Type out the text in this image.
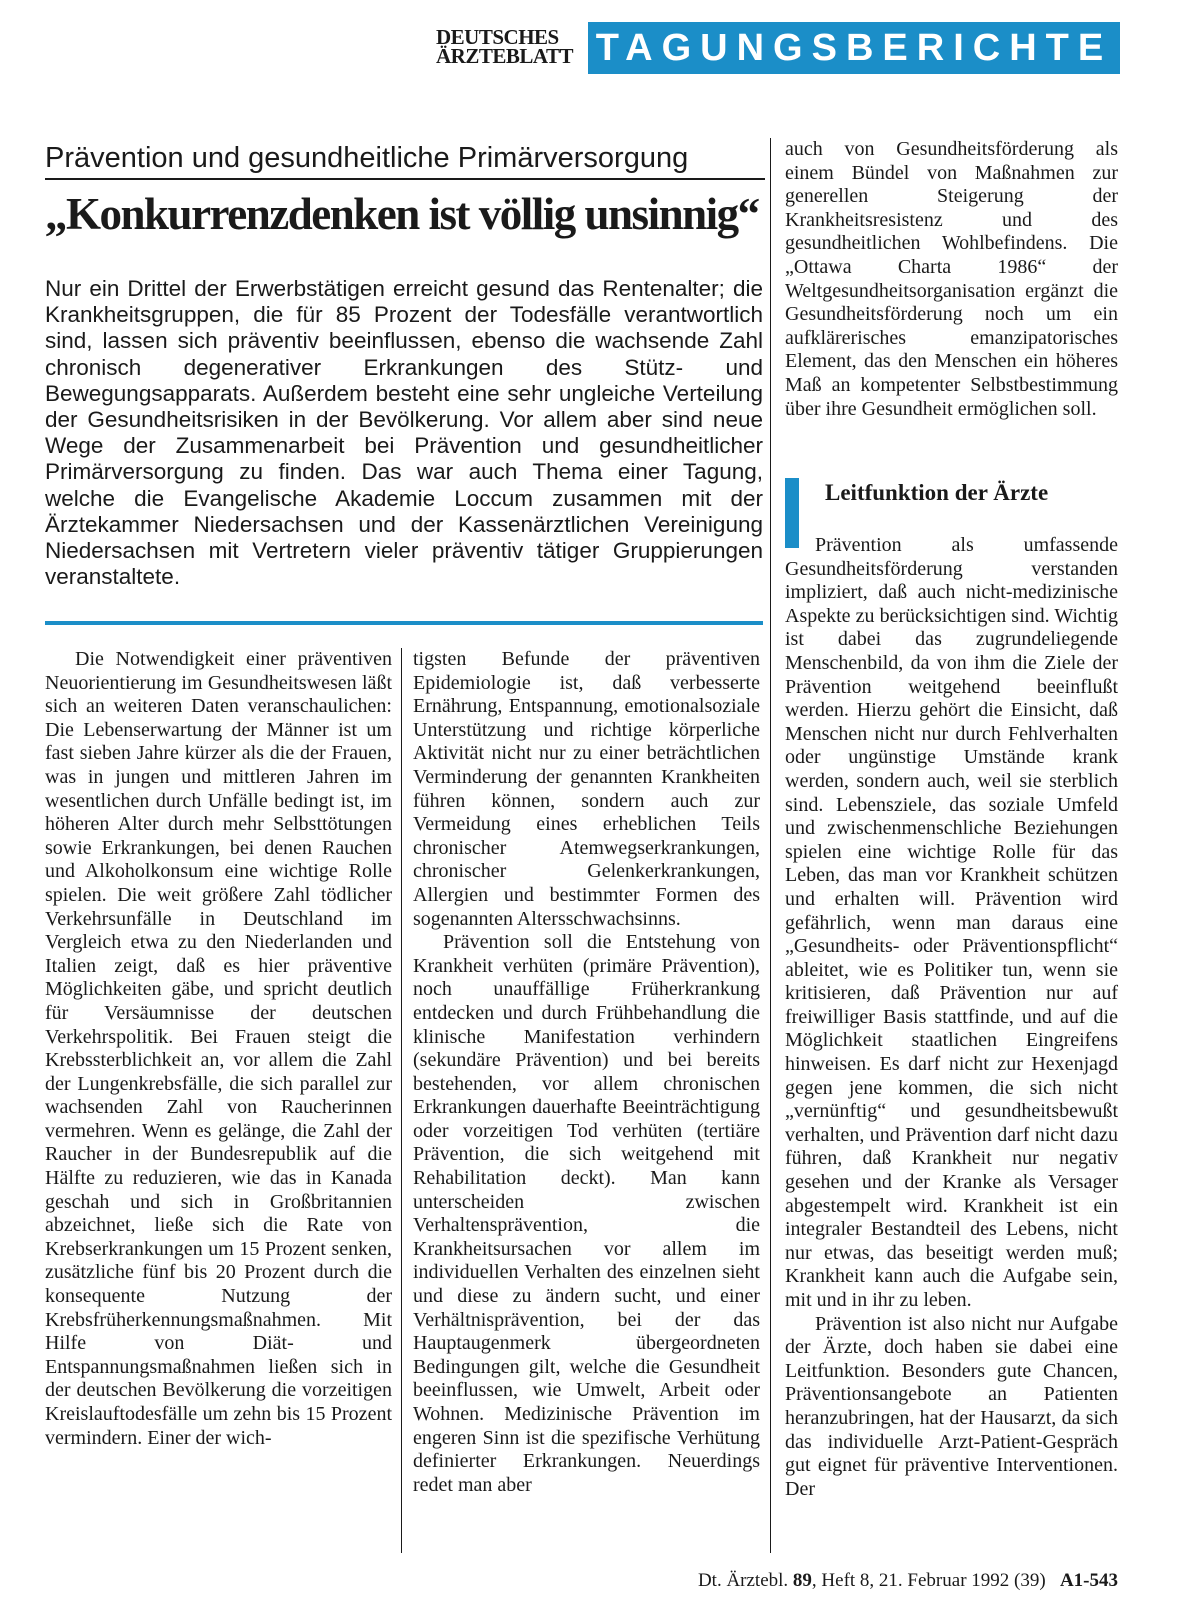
DEUTSCHES
ÄRZTEBLATT TAGUNGSBERICHTE
Prävention und gesundheitliche Primärversorgung
„Konkurrenzdenken ist völlig unsinnig“
Nur ein Drittel der Erwerbstätigen erreicht gesund das Rentenalter; die Krankheitsgruppen, die für 85 Prozent der Todesfälle verantwortlich sind, lassen sich präventiv beeinflussen, ebenso die wachsende Zahl chronisch degenerativer Erkrankungen des Stütz- und Bewegungsapparats. Außerdem besteht eine sehr ungleiche Verteilung der Gesundheitsrisiken in der Bevölkerung. Vor allem aber sind neue Wege der Zusammenarbeit bei Prävention und gesundheitlicher Primärversorgung zu finden. Das war auch Thema einer Tagung, welche die Evangelische Akademie Loccum zusammen mit der Ärztekammer Niedersachsen und der Kassenärztlichen Vereinigung Niedersachsen mit Vertretern vieler präventiv tätiger Gruppierungen veranstaltete.

Die Notwendigkeit einer präventiven Neuorientierung im Gesundheitswesen läßt sich an weiteren Daten veranschaulichen: Die Lebenserwartung der Männer ist um fast sieben Jahre kürzer als die der Frauen, was in jungen und mittleren Jahren im wesentlichen durch Unfälle bedingt ist, im höheren Alter durch mehr Selbsttötungen sowie Erkrankungen, bei denen Rauchen und Alkoholkonsum eine wichtige Rolle spielen. Die weit größere Zahl tödlicher Verkehrsunfälle in Deutschland im Vergleich etwa zu den Niederlanden und Italien zeigt, daß es hier präventive Möglichkeiten gäbe, und spricht deutlich für Versäumnisse der deutschen Verkehrspolitik. Bei Frauen steigt die Krebssterblichkeit an, vor allem die Zahl der Lungenkrebsfälle, die sich parallel zur wachsenden Zahl von Raucherinnen vermehren. Wenn es gelänge, die Zahl der Raucher in der Bundesrepublik auf die Hälfte zu reduzieren, wie das in Kanada geschah und sich in Großbritannien abzeichnet, ließe sich die Rate von Krebserkrankungen um 15 Prozent senken, zusätzliche fünf bis 20 Prozent durch die konsequente Nutzung der Krebsfrüherkennungsmaßnahmen. Mit Hilfe von Diät- und Entspannungsmaßnahmen ließen sich in der deutschen Bevölkerung die vorzeitigen Kreislauftodesfälle um zehn bis 15 Prozent vermindern. Einer der wich-

tigsten Befunde der präventiven Epidemiologie ist, daß verbesserte Ernährung, Entspannung, emotionalsoziale Unterstützung und richtige körperliche Aktivität nicht nur zu einer beträchtlichen Verminderung der genannten Krankheiten führen können, sondern auch zur Vermeidung eines erheblichen Teils chronischer Atemwegserkrankungen, chronischer Gelenkerkrankungen, Allergien und bestimmter Formen des sogenannten Altersschwachsinns.

Prävention soll die Entstehung von Krankheit verhüten (primäre Prävention), noch unauffällige Früherkrankung entdecken und durch Frühbehandlung die klinische Manifestation verhindern (sekundäre Prävention) und bei bereits bestehenden, vor allem chronischen Erkrankungen dauerhafte Beeinträchtigung oder vorzeitigen Tod verhüten (tertiäre Prävention, die sich weitgehend mit Rehabilitation deckt). Man kann unterscheiden zwischen Verhaltensprävention, die Krankheitsursachen vor allem im individuellen Verhalten des einzelnen sieht und diese zu ändern sucht, und einer Verhältnisprävention, bei der das Hauptaugenmerk übergeordneten Bedingungen gilt, welche die Gesundheit beeinflussen, wie Umwelt, Arbeit oder Wohnen. Medizinische Prävention im engeren Sinn ist die spezifische Verhütung definierter Erkrankungen. Neuerdings redet man aber

auch von Gesundheitsförderung als einem Bündel von Maßnahmen zur generellen Steigerung der Krankheitsresistenz und des gesundheitlichen Wohlbefindens. Die „Ottawa Charta 1986“ der Weltgesundheitsorganisation ergänzt die Gesundheitsförderung noch um ein aufklärerisches emanzipatorisches Element, das den Menschen ein höheres Maß an kompetenter Selbstbestimmung über ihre Gesundheit ermöglichen soll.

Leitfunktion der Ärzte

Prävention als umfassende Gesundheitsförderung verstanden impliziert, daß auch nicht-medizinische Aspekte zu berücksichtigen sind. Wichtig ist dabei das zugrundeliegende Menschenbild, da von ihm die Ziele der Prävention weitgehend beeinflußt werden. Hierzu gehört die Einsicht, daß Menschen nicht nur durch Fehlverhalten oder ungünstige Umstände krank werden, sondern auch, weil sie sterblich sind. Lebensziele, das soziale Umfeld und zwischenmenschliche Beziehungen spielen eine wichtige Rolle für das Leben, das man vor Krankheit schützen und erhalten will. Prävention wird gefährlich, wenn man daraus eine „Gesundheits- oder Präventionspflicht“ ableitet, wie es Politiker tun, wenn sie kritisieren, daß Prävention nur auf freiwilliger Basis stattfinde, und auf die Möglichkeit staatlichen Eingreifens hinweisen. Es darf nicht zur Hexenjagd gegen jene kommen, die sich nicht „vernünftig“ und gesundheitsbewußt verhalten, und Prävention darf nicht dazu führen, daß Krankheit nur negativ gesehen und der Kranke als Versager abgestempelt wird. Krankheit ist ein integraler Bestandteil des Lebens, nicht nur etwas, das beseitigt werden muß; Krankheit kann auch die Aufgabe sein, mit und in ihr zu leben.

Prävention ist also nicht nur Aufgabe der Ärzte, doch haben sie dabei eine Leitfunktion. Besonders gute Chancen, Präventionsangebote an Patienten heranzubringen, hat der Hausarzt, da sich das individuelle Arzt-Patient-Gespräch gut eignet für präventive Interventionen. Der

Dt. Ärztebl. 89, Heft 8, 21. Februar 1992 (39) A1-543
